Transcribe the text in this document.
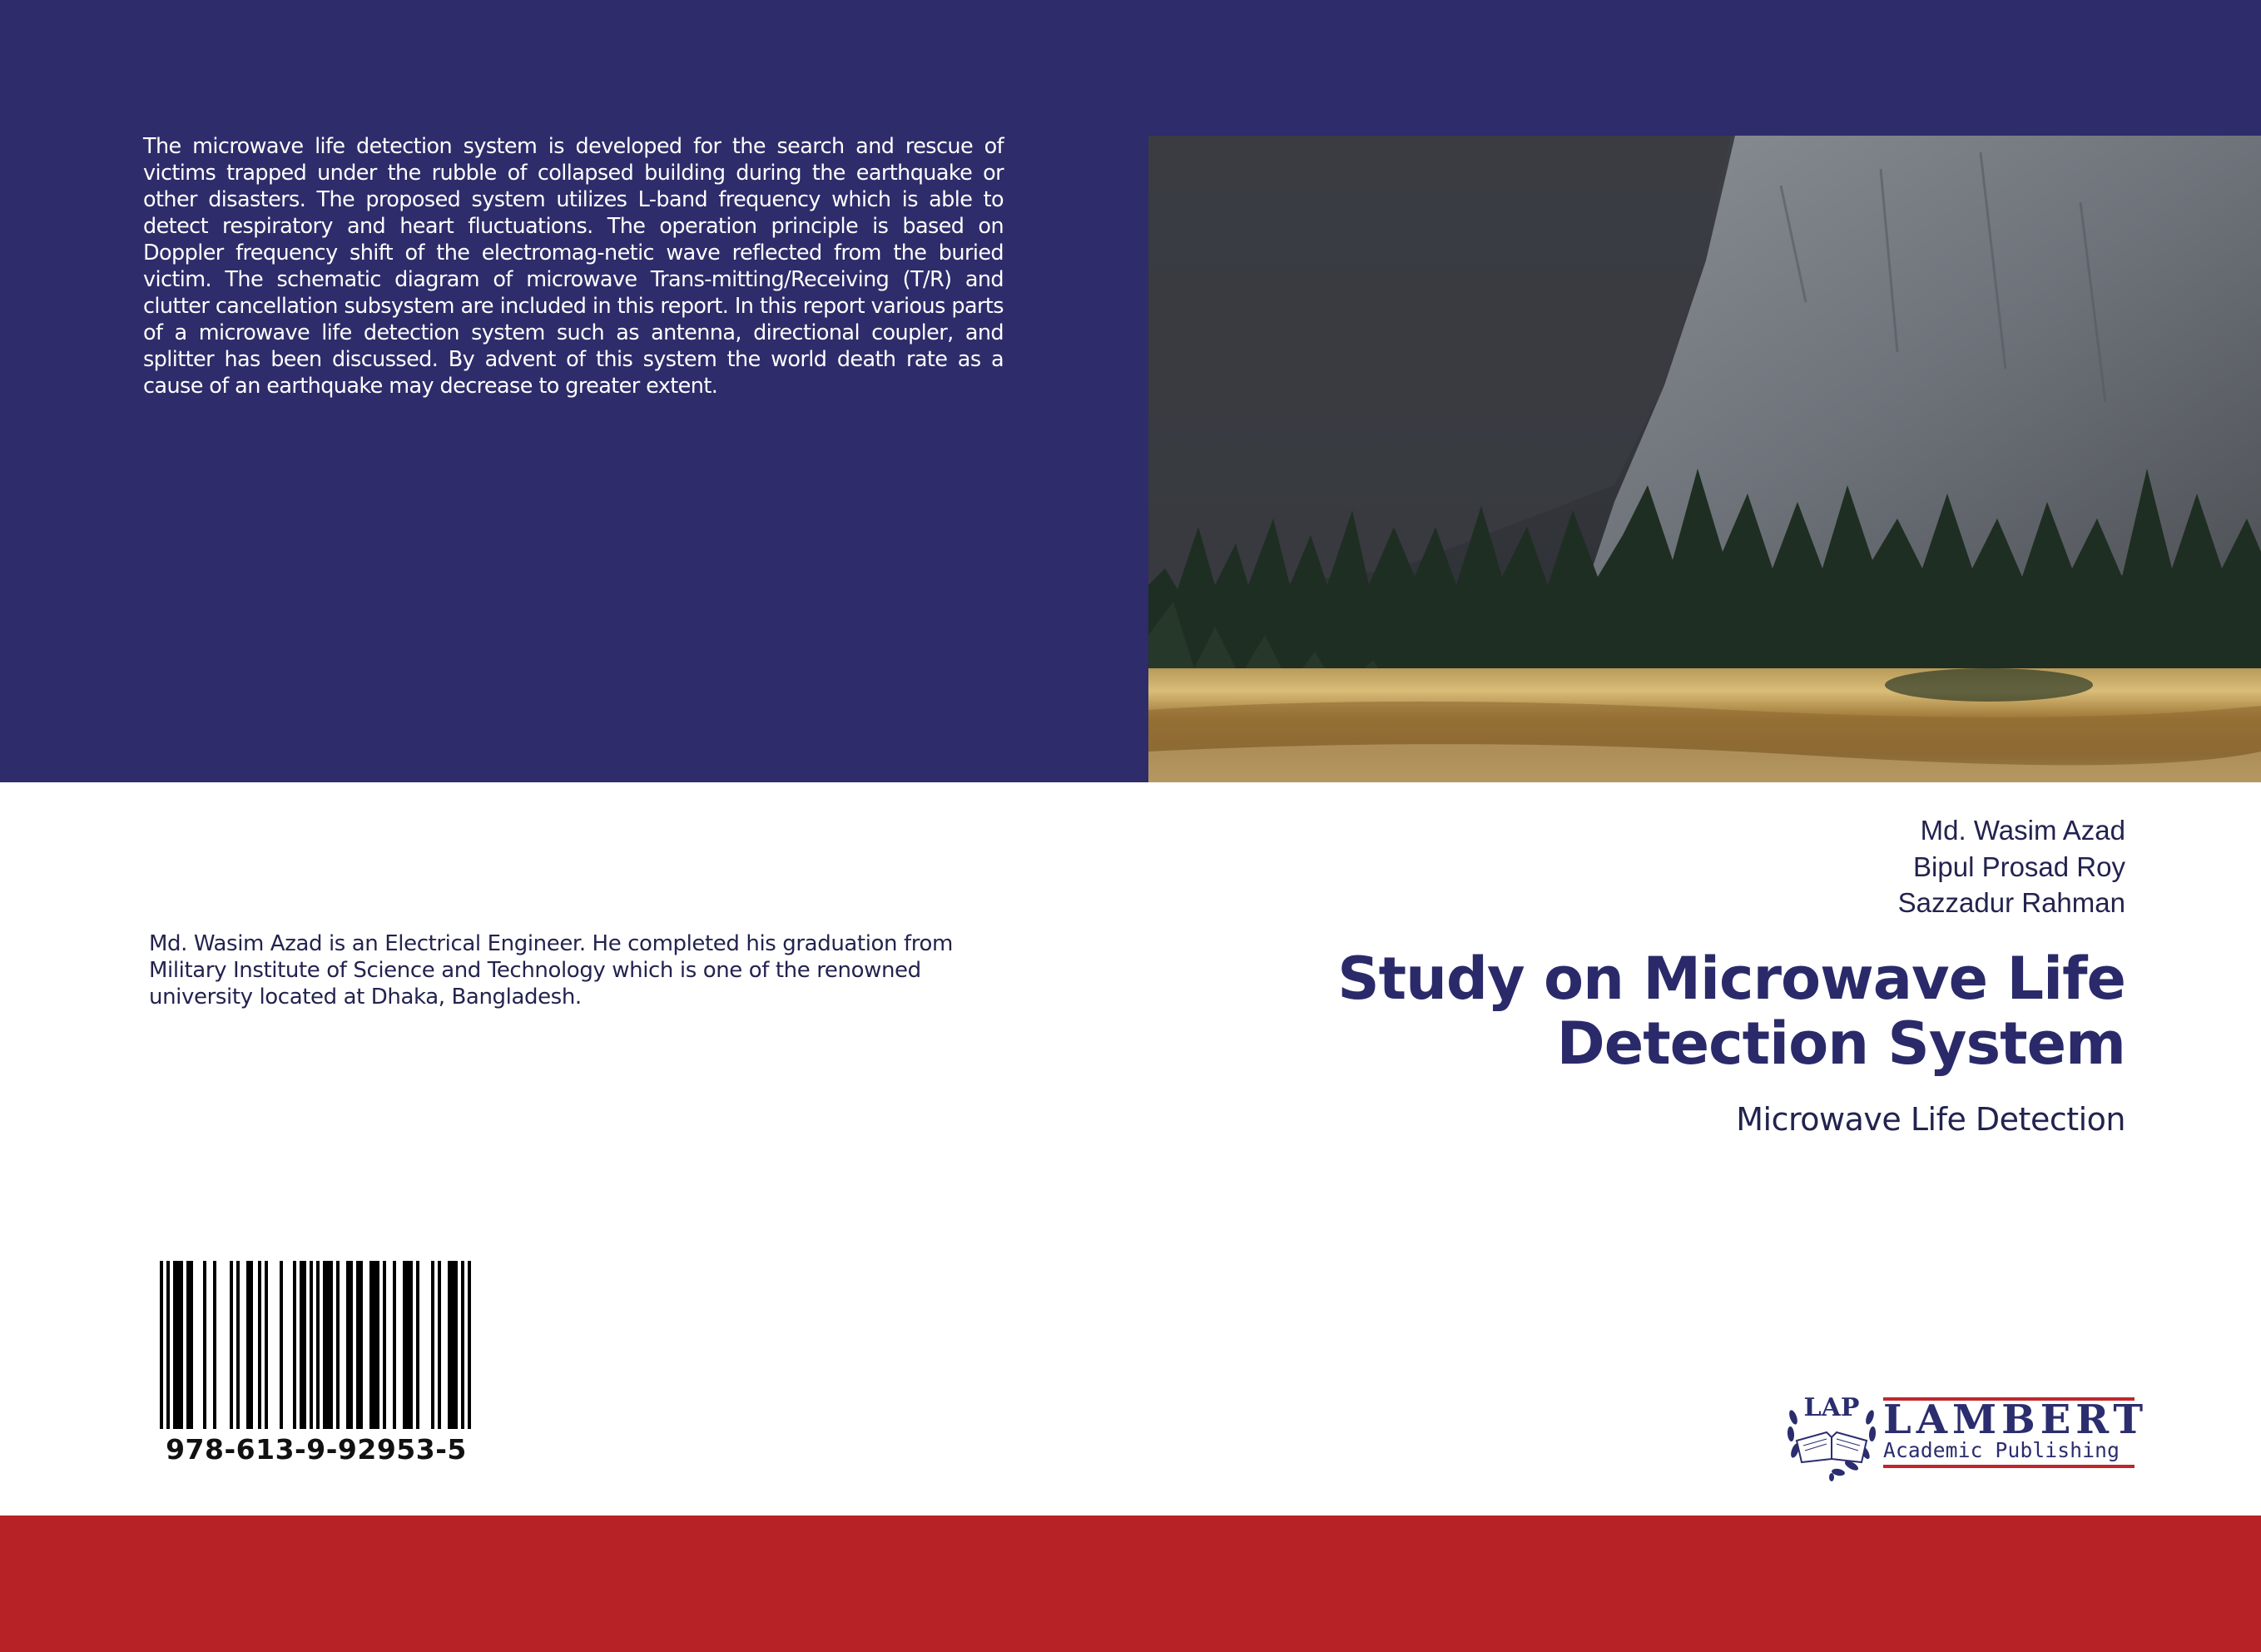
The microwave life detection system is developed for the search and rescue of victims trapped under the rubble of collapsed building during the earthquake or other disasters. The proposed system utilizes L-band frequency which is able to detect respiratory and heart fluctuations. The operation principle is based on Doppler frequency shift of the electromag-netic wave reflected from the buried victim. The schematic diagram of microwave Trans-mitting/Receiving (T/R) and clutter cancellation subsystem are included in this report. In this report various parts of a microwave life detection system such as antenna, directional coupler, and splitter has been discussed. By advent of this system the world death rate as a cause of an earthquake may decrease to greater extent.
Md. Wasim Azad
Bipul Prosad Roy
Sazzadur Rahman
Md. Wasim Azad is an Electrical Engineer. He completed his graduation from Military Institute of Science and Technology which is one of the renowned university located at Dhaka, Bangladesh.	Study on Microwave Life
Detection System
Microwave Life Detection
978-613-9-92953-5
LAP LAMBERT
Academic Publishing
